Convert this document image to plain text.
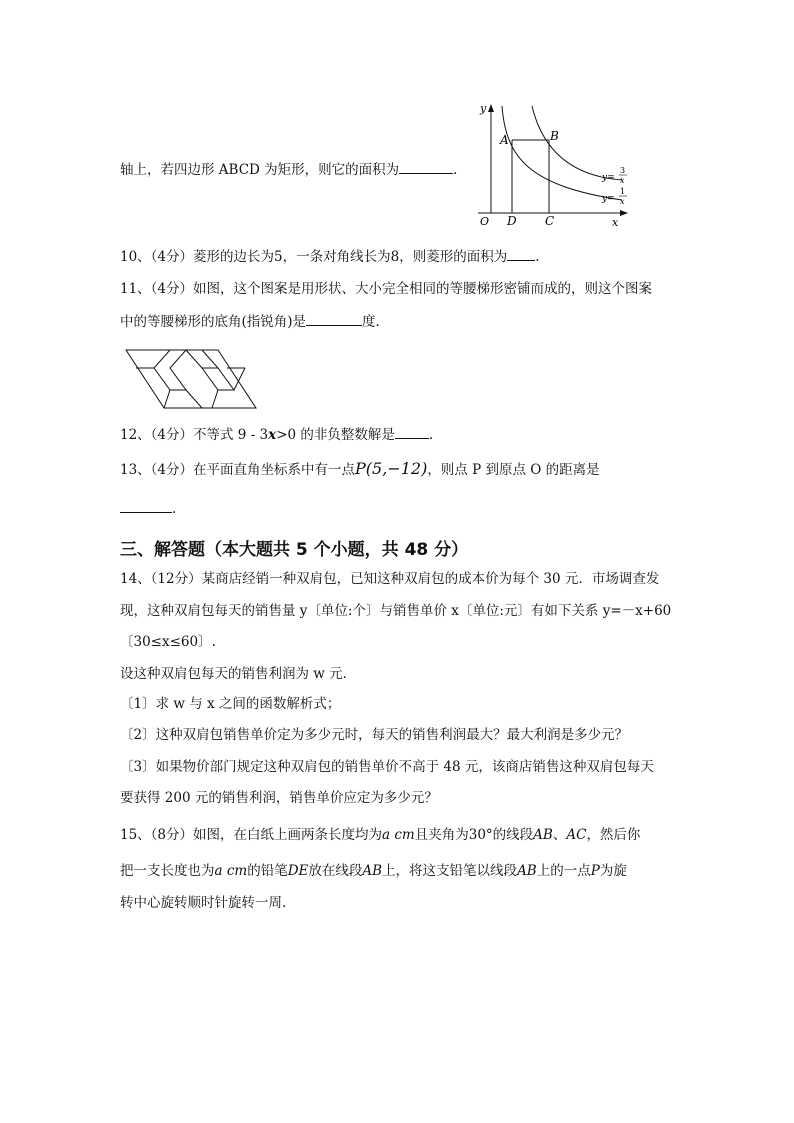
y
x
O
A	B
C
D
y=
3
x
y=
1
x
轴上，若四边形 ABCD 为矩形，则它的面积为	.
10、（4分）菱形的边长为5，一条对角线长为8，则菱形的面积为 .
11、（4分）如图，这个图案是用形状、大小完全相同的等腰梯形密铺而成的，则这个图案
中的等腰梯形的底角(指锐角)是	度.
12、（4分）不等式 9 - 3x>0 的非负整数解是	.
13、（4分）在平面直角坐标系中有一点P(5,−12)，则点 P 到原点 O 的距离是
.
三、解答题（本大题共 5 个小题，共 48 分）
14、（12分）某商店经销一种双肩包，已知这种双肩包的成本价为每个 30 元．市场调查发
现，这种双肩包每天的销售量 y〔单位:个〕与销售单价 x〔单位:元〕有如下关系 y=－x+60
〔30≤x≤60〕.
设这种双肩包每天的销售利润为 w 元．
〔1〕求 w 与 x 之间的函数解析式；
〔2〕这种双肩包销售单价定为多少元时，每天的销售利润最大？最大利润是多少元？
〔3〕如果物价部门规定这种双肩包的销售单价不高于 48 元，该商店销售这种双肩包每天
要获得 200 元的销售利润，销售单价应定为多少元？
15、（8分）如图，在白纸上画两条长度均为a cm且夹角为30°的线段AB、AC，然后你
把一支长度也为a cm的铅笔DE放在线段AB上，将这支铅笔以线段AB上的一点P为旋
转中心旋转顺时针旋转一周.
